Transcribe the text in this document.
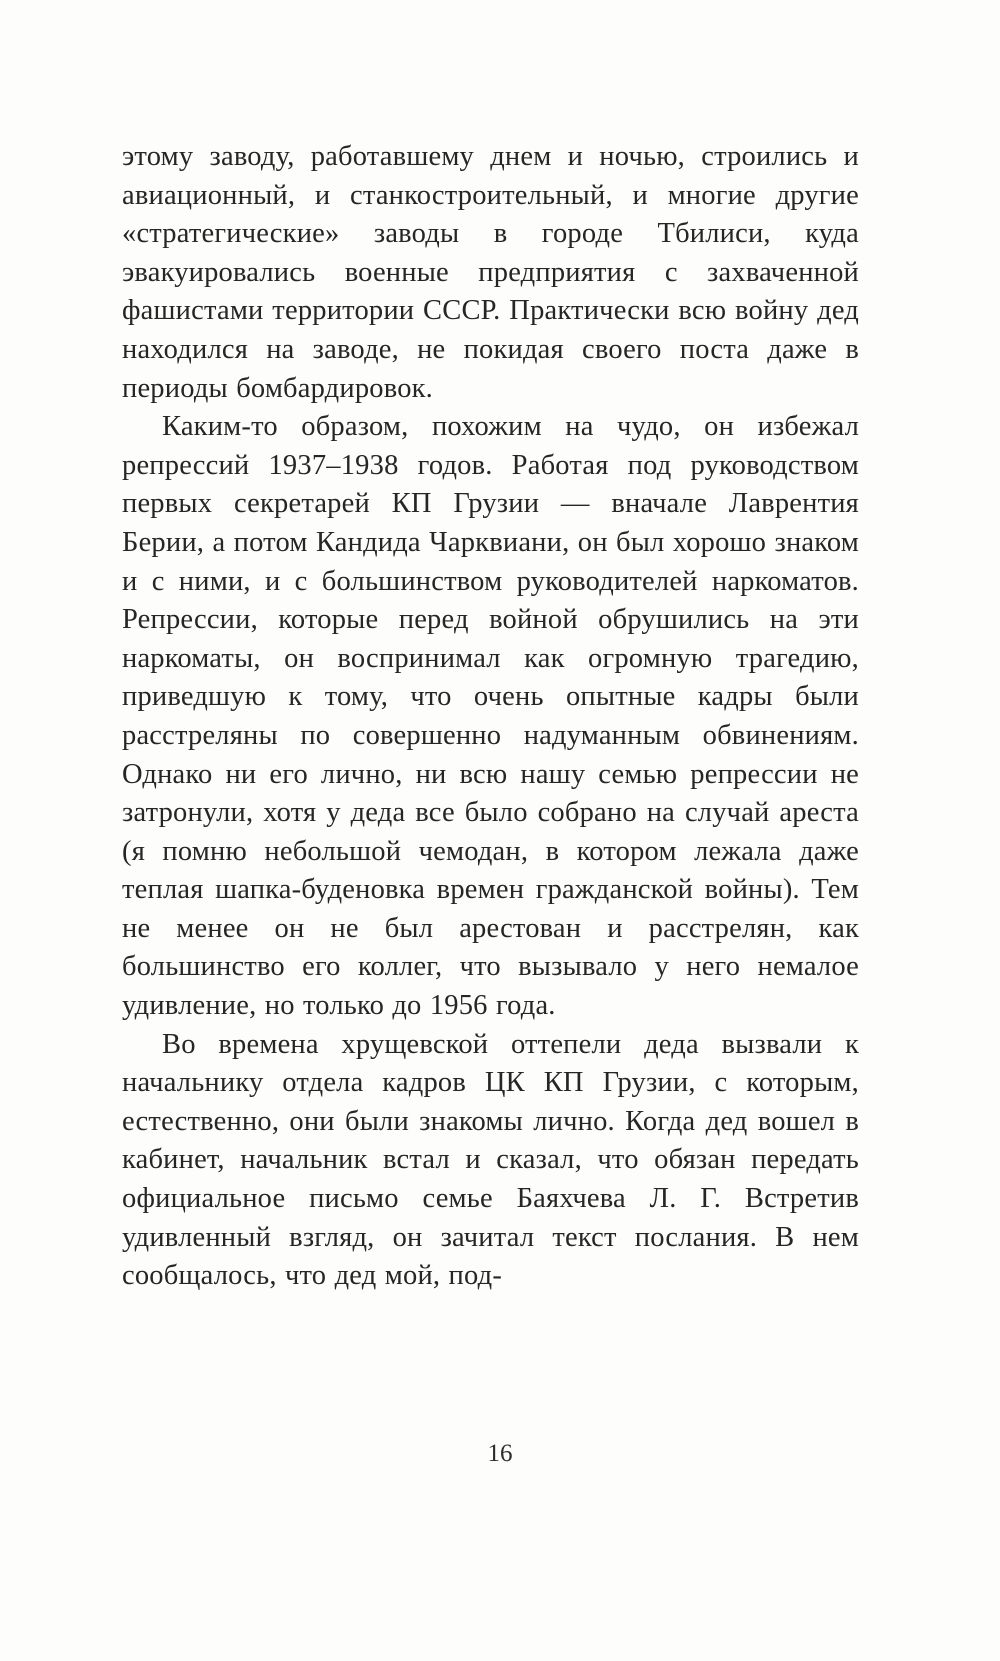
этому заводу, работавшему днем и ночью, строились и авиационный, и станкостроительный, и многие другие «стратегические» заводы в городе Тбилиси, куда эвакуировались военные предприятия с захваченной фашистами территории СССР. Практически всю войну дед находился на заводе, не покидая своего поста даже в периоды бомбардировок.

Каким-то образом, похожим на чудо, он избежал репрессий 1937–1938 годов. Работая под руководством первых секретарей КП Грузии — вначале Лаврентия Берии, а потом Кандида Чарквиани, он был хорошо знаком и с ними, и с большинством руководителей наркоматов. Репрессии, которые перед войной обрушились на эти наркоматы, он воспринимал как огромную трагедию, приведшую к тому, что очень опытные кадры были расстреляны по совершенно надуманным обвинениям. Однако ни его лично, ни всю нашу семью репрессии не затронули, хотя у деда все было собрано на случай ареста (я помню небольшой чемодан, в котором лежала даже теплая шапка-буденовка времен гражданской войны). Тем не менее он не был арестован и расстрелян, как большинство его коллег, что вызывало у него немалое удивление, но только до 1956 года.

Во времена хрущевской оттепели деда вызвали к начальнику отдела кадров ЦК КП Грузии, с которым, естественно, они были знакомы лично. Когда дед вошел в кабинет, начальник встал и сказал, что обязан передать официальное письмо семье Баяхчева Л. Г. Встретив удивленный взгляд, он зачитал текст послания. В нем сообщалось, что дед мой, под-

16
